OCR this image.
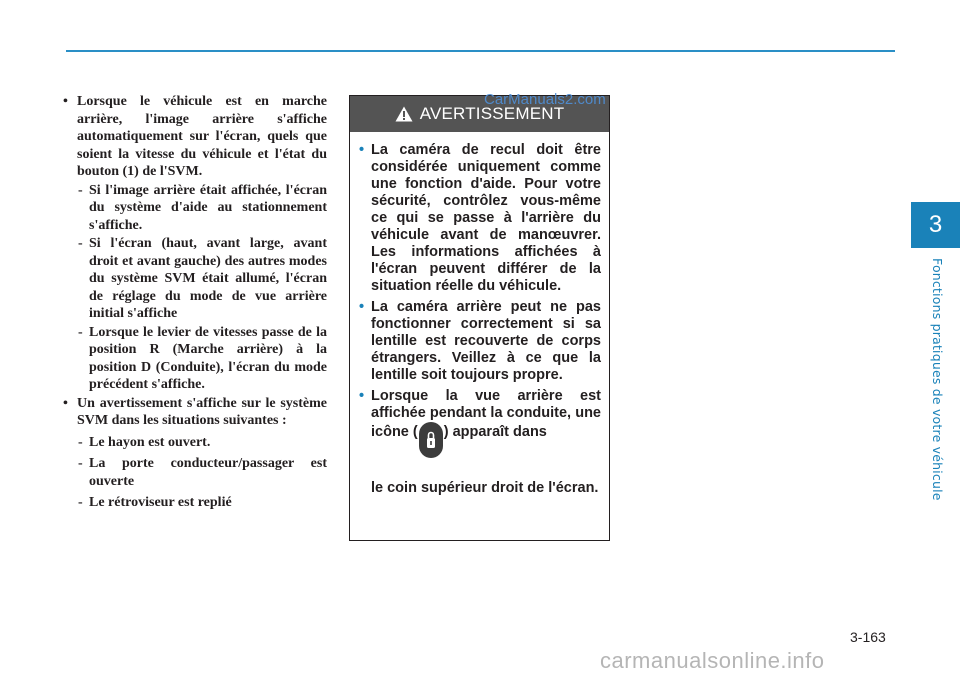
• Lorsque le véhicule est en marche arrière, l'image arrière s'affiche automatiquement sur l'écran, quels que soient la vitesse du véhicule et l'état du bouton (1) de l'SVM.
- Si l'image arrière était affichée, l'écran du système d'aide au stationnement s'affiche.
- Si l'écran (haut, avant large, avant droit et avant gauche) des autres modes du système SVM était allumé, l'écran de réglage du mode de vue arrière initial s'affiche
- Lorsque le levier de vitesses passe de la position R (Marche arrière) à la position D (Conduite), l'écran du mode précédent s'affiche.
• Un avertissement s'affiche sur le système SVM dans les situations suivantes :
- Le hayon est ouvert.
- La porte conducteur/passager est ouverte
- Le rétroviseur est replié
AVERTISSEMENT
• La caméra de recul doit être considérée uniquement comme une fonction d'aide. Pour votre sécurité, contrôlez vous-même ce qui se passe à l'arrière du véhicule avant de manœuvrer. Les informations affichées à l'écran peuvent différer de la situation réelle du véhicule.
• La caméra arrière peut ne pas fonctionner correctement si sa lentille est recouverte de corps étrangers. Veillez à ce que la lentille soit toujours propre.
• Lorsque la vue arrière est affichée pendant la conduite, une icône ( ) apparaît dans
le coin supérieur droit de l'écran.
CarManuals2.com
3
Fonctions pratiques de votre véhicule
3-163
carmanualsonline.info
